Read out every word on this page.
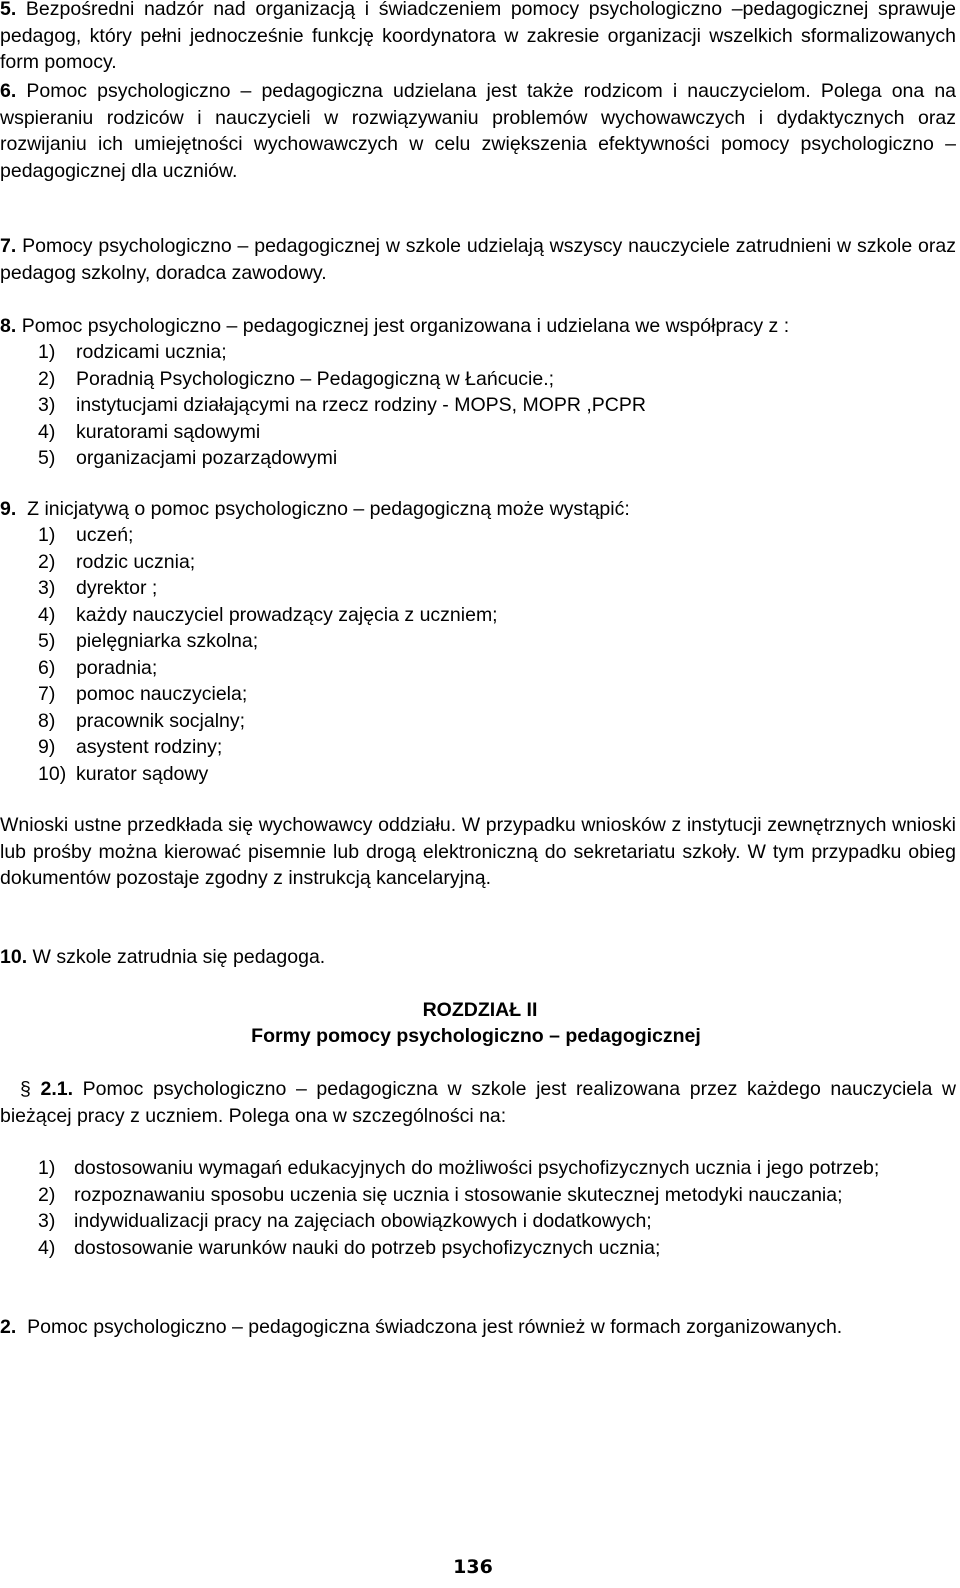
5. Bezpośredni nadzór nad organizacją i świadczeniem pomocy psychologiczno –pedagogicznej sprawuje pedagog, który pełni jednocześnie funkcję koordynatora w zakresie organizacji wszelkich sformalizowanych form pomocy.

6. Pomoc psychologiczno – pedagogiczna udzielana jest także rodzicom i nauczycielom. Polega ona na wspieraniu rodziców i nauczycieli w rozwiązywaniu problemów wychowawczych i dydaktycznych oraz rozwijaniu ich umiejętności wychowawczych w celu zwiększenia efektywności pomocy psychologiczno – pedagogicznej dla uczniów.

7. Pomocy psychologiczno – pedagogicznej w szkole udzielają wszyscy nauczyciele zatrudnieni w szkole oraz pedagog szkolny, doradca zawodowy.

8. Pomoc psychologiczno – pedagogicznej jest organizowana i udzielana we współpracy z :

1) rodzicami ucznia;
2) Poradnią Psychologiczno – Pedagogiczną w Łańcucie.;
3) instytucjami działającymi na rzecz rodziny - MOPS, MOPR ,PCPR
4) kuratorami sądowymi
5) organizacjami pozarządowymi

9. Z inicjatywą o pomoc psychologiczno – pedagogiczną może wystąpić:

1) uczeń;
2) rodzic ucznia;
3) dyrektor ;
4) każdy nauczyciel prowadzący zajęcia z uczniem;
5) pielęgniarka szkolna;
6) poradnia;
7) pomoc nauczyciela;
8) pracownik socjalny;
9) asystent rodziny;
10) kurator sądowy

Wnioski ustne przedkłada się wychowawcy oddziału. W przypadku wniosków z instytucji zewnętrznych wnioski lub prośby można kierować pisemnie lub drogą elektroniczną do sekretariatu szkoły. W tym przypadku obieg dokumentów pozostaje zgodny z instrukcją kancelaryjną.

10. W szkole zatrudnia się pedagoga.

ROZDZIAŁ II
Formy pomocy psychologiczno – pedagogicznej

§ 2.1. Pomoc psychologiczno – pedagogiczna w szkole jest realizowana przez każdego nauczyciela w bieżącej pracy z uczniem. Polega ona w szczególności na:

1) dostosowaniu wymagań edukacyjnych do możliwości psychofizycznych ucznia i jego potrzeb;
2) rozpoznawaniu sposobu uczenia się ucznia i stosowanie skutecznej metodyki nauczania;
3) indywidualizacji pracy na zajęciach obowiązkowych i dodatkowych;
4) dostosowanie warunków nauki do potrzeb psychofizycznych ucznia;

2. Pomoc psychologiczno – pedagogiczna świadczona jest również w formach zorganizowanych.

136
